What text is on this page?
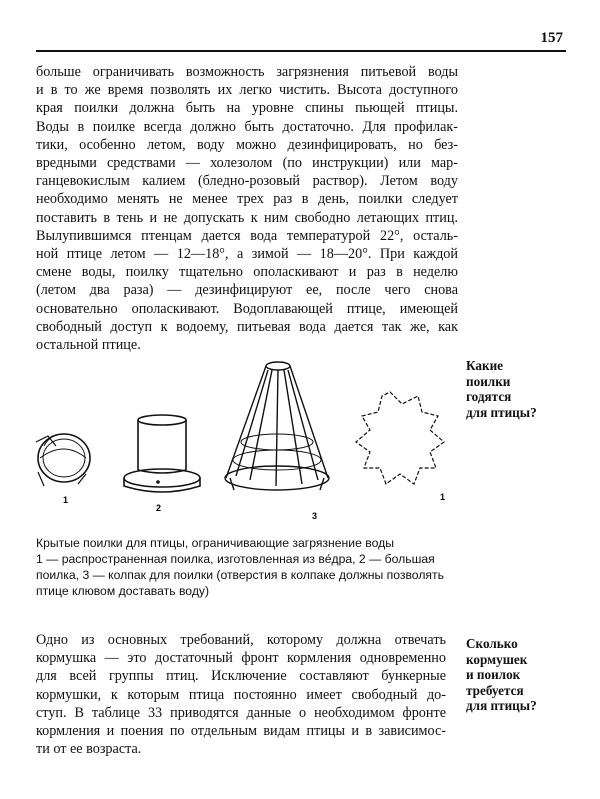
157
больше ограничивать возможность загрязнения питьевой воды
и в то же время позволять их легко чистить. Высота доступного
края поилки должна быть на уровне спины пьющей птицы.
Воды в поилке всегда должно быть достаточно. Для профилак-
тики, особенно летом, воду можно дезинфицировать, но без-
вредными средствами — холезолом (по инструкции) или мар-
ганцевокислым калием (бледно-розовый раствор). Летом воду
необходимо менять не менее трех раз в день, поилки следует
поставить в тень и не допускать к ним свободно летающих птиц.
Вылупившимся птенцам дается вода температурой 22°, осталь-
ной птице летом — 12—18°, а зимой — 18—20°. При каждой
смене воды, поилку тщательно ополаскивают и раз в неделю
(летом два раза) — дезинфицируют ее, после чего снова
основательно ополаскивают. Водоплавающей птице, имеющей
свободный доступ к водоему, питьевая вода дается так же, как
остальной птице.
Какие
поилки
годятся
для птицы?
1
2
3
1
Крытые поилки для птицы, ограничивающие загрязнение воды
1 — распространенная поилка, изготовленная из ве́дра, 2 — большая
поилка, 3 — колпак для поилки (отверстия в колпаке должны позволять
птице клювом доставать воду)
Сколько
кормушек
и поилок
требуется
для птицы?
Одно из основных требований, которому должна отвечать
кормушка — это достаточный фронт кормления одновременно
для всей группы птиц. Исключение составляют бункерные
кормушки, к которым птица постоянно имеет свободный до-
ступ. В таблице 33 приводятся данные о необходимом фронте
кормления и поения по отдельным видам птицы и в зависимос-
ти от ее возраста.
